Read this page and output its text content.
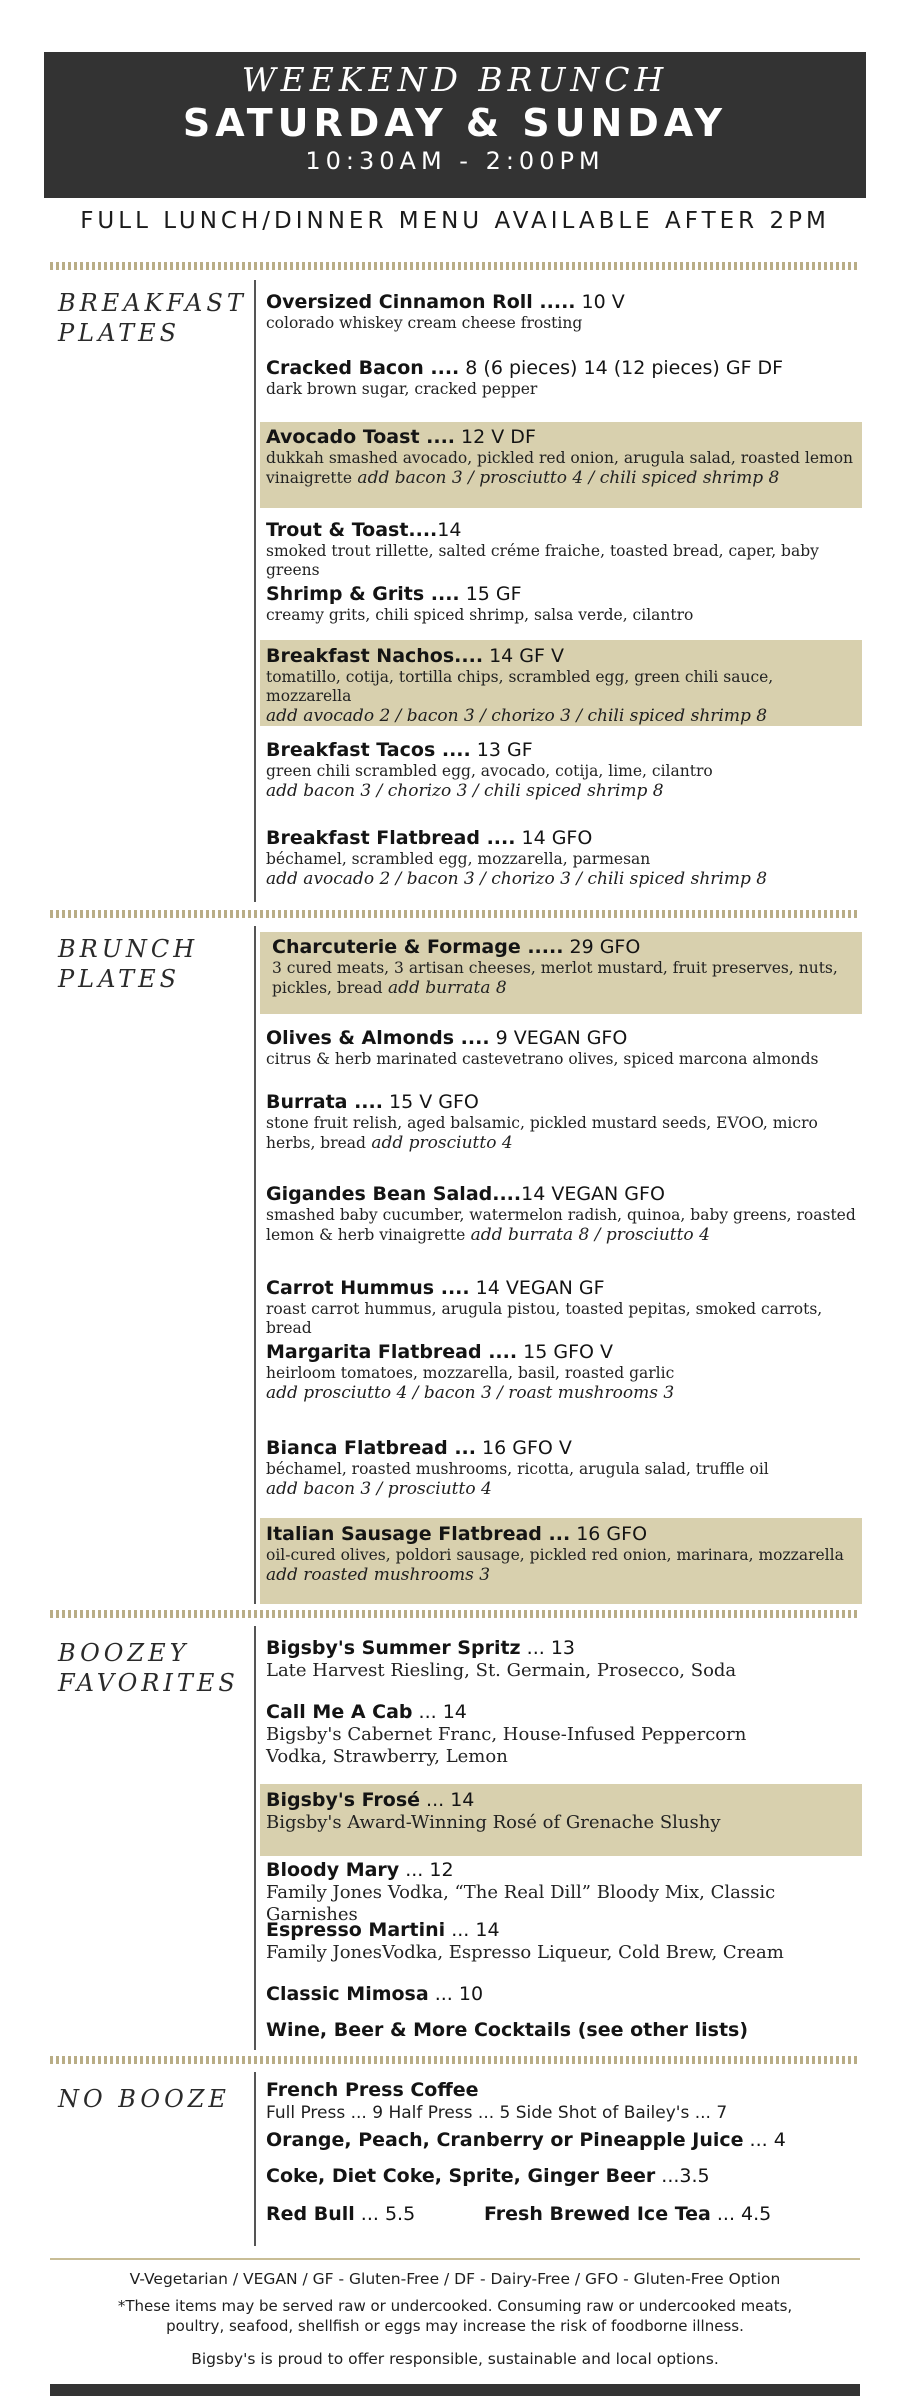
WEEKEND BRUNCH
SATURDAY & SUNDAY
10:30AM - 2:00PM
FULL LUNCH/DINNER MENU AVAILABLE AFTER 2PM
BREAKFAST
PLATES
Oversized Cinnamon Roll ..... 10 V
colorado whiskey cream cheese frosting
Cracked Bacon .... 8 (6 pieces) 14 (12 pieces) GF DF
dark brown sugar, cracked pepper
Avocado Toast .... 12 V DF
dukkah smashed avocado, pickled red onion, arugula salad, roasted lemon vinaigrette add bacon 3 / prosciutto 4 / chili spiced shrimp 8
Trout & Toast....14
smoked trout rillette, salted créme fraiche, toasted bread, caper, baby greens
Shrimp & Grits .... 15 GF
creamy grits, chili spiced shrimp, salsa verde, cilantro
Breakfast Nachos.... 14 GF V
tomatillo, cotija, tortilla chips, scrambled egg, green chili sauce, mozzarella
add avocado 2 / bacon 3 / chorizo 3 / chili spiced shrimp 8
Breakfast Tacos .... 13 GF
green chili scrambled egg, avocado, cotija, lime, cilantro
add bacon 3 / chorizo 3 / chili spiced shrimp 8
Breakfast Flatbread .... 14 GFO
béchamel, scrambled egg, mozzarella, parmesan
add avocado 2 / bacon 3 / chorizo 3 / chili spiced shrimp 8
BRUNCH
PLATES
Charcuterie & Formage ..... 29 GFO
3 cured meats, 3 artisan cheeses, merlot mustard, fruit preserves, nuts, pickles, bread add burrata 8
Olives & Almonds .... 9 VEGAN GFO
citrus & herb marinated castevetrano olives, spiced marcona almonds
Burrata .... 15 V GFO
stone fruit relish, aged balsamic, pickled mustard seeds, EVOO, micro herbs, bread add prosciutto 4
Gigandes Bean Salad....14 VEGAN GFO
smashed baby cucumber, watermelon radish, quinoa, baby greens, roasted lemon & herb vinaigrette add burrata 8 / prosciutto 4
Carrot Hummus .... 14 VEGAN GF
roast carrot hummus, arugula pistou, toasted pepitas, smoked carrots, bread
Margarita Flatbread .... 15 GFO V
heirloom tomatoes, mozzarella, basil, roasted garlic
add prosciutto 4 / bacon 3 / roast mushrooms 3
Bianca Flatbread ... 16 GFO V
béchamel, roasted mushrooms, ricotta, arugula salad, truffle oil
add bacon 3 / prosciutto 4
Italian Sausage Flatbread ... 16 GFO
oil-cured olives, poldori sausage, pickled red onion, marinara, mozzarella
add roasted mushrooms 3
BOOZEY
FAVORITES
Bigsby's Summer Spritz ... 13
Late Harvest Riesling, St. Germain, Prosecco, Soda
Call Me A Cab ... 14
Bigsby's Cabernet Franc, House-Infused Peppercorn Vodka, Strawberry, Lemon
Bigsby's Frosé ... 14
Bigsby's Award-Winning Rosé of Grenache Slushy
Bloody Mary ... 12
Family Jones Vodka, “The Real Dill” Bloody Mix, Classic Garnishes
Espresso Martini ... 14
Family JonesVodka, Espresso Liqueur, Cold Brew, Cream
Classic Mimosa ... 10
Wine, Beer & More Cocktails (see other lists)
NO BOOZE French Press Coffee
Full Press ... 9 Half Press ... 5 Side Shot of Bailey's ... 7
Orange, Peach, Cranberry or Pineapple Juice ... 4
Coke, Diet Coke, Sprite, Ginger Beer ...3.5
Red Bull ... 5.5	Fresh Brewed Ice Tea ... 4.5
V-Vegetarian / VEGAN / GF - Gluten-Free / DF - Dairy-Free / GFO - Gluten-Free Option
*These items may be served raw or undercooked. Consuming raw or undercooked meats,
poultry, seafood, shellfish or eggs may increase the risk of foodborne illness.
Bigsby's is proud to offer responsible, sustainable and local options.
